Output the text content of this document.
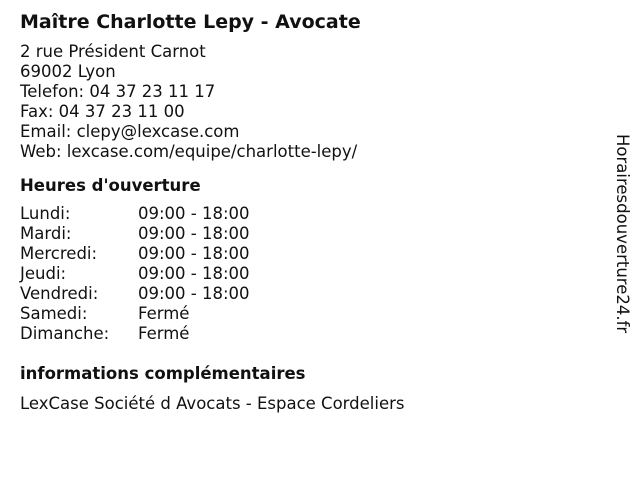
Maître Charlotte Lepy - Avocate
2 rue Président Carnot
69002 Lyon
Telefon: 04 37 23 11 17
Fax: 04 37 23 11 00
Email: clepy@lexcase.com
Web: lexcase.com/equipe/charlotte-lepy/
Heures d'ouverture
Lundi:	09:00 - 18:00
Mardi:	09:00 - 18:00
Mercredi:	09:00 - 18:00
Jeudi:	09:00 - 18:00
Vendredi:	09:00 - 18:00
Samedi:	Fermé
Dimanche:	Fermé
informations complémentaires
LexCase Société d Avocats - Espace Cordeliers
Horairesdouverture24.fr
